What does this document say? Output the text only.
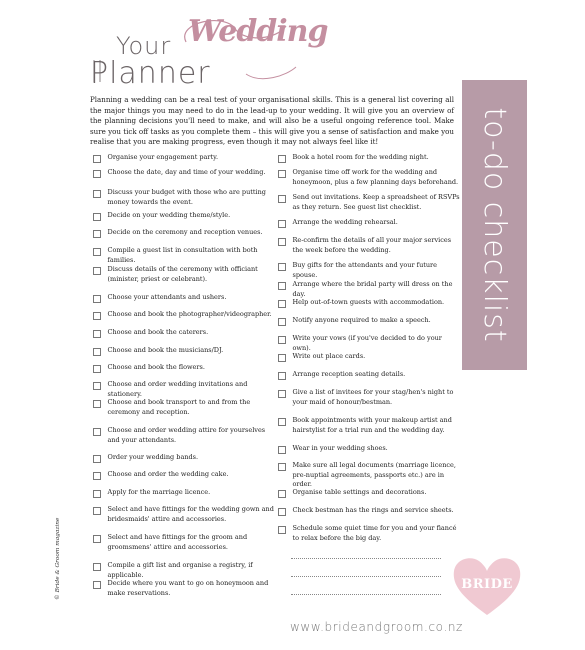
Your Wedding
Planner
Planning a wedding can be a real test of your organisational skills. This is a general list covering all the major things you may need to do in the lead-up to your wedding. It will give you an overview of the planning decisions you'll need to make, and will also be a useful ongoing reference tool. Make sure you tick off tasks as you complete them – this will give you a sense of satisfaction and make you realise that you are making progress, even though it may not always feel like it!
Organise your engagement party.
Choose the date, day and time of your wedding.
Discuss your budget with those who are putting money towards the event.
Decide on your wedding theme/style.
Decide on the ceremony and reception venues.
Compile a guest list in consultation with both families.
Discuss details of the ceremony with officiant (minister, priest or celebrant).
Choose your attendants and ushers.
Choose and book the photographer/videographer.
Choose and book the caterers.
Choose and book the musicians/DJ.
Choose and book the flowers.
Choose and order wedding invitations and stationery.
Choose and book transport to and from the ceremony and reception.
Choose and order wedding attire for yourselves and your attendants.
Order your wedding bands.
Choose and order the wedding cake.
Apply for the marriage licence.
Select and have fittings for the wedding gown and bridesmaids' attire and accessories.
Select and have fittings for the groom and groomsmens' attire and accessories.
Compile a gift list and organise a registry, if applicable.
Decide where you want to go on honeymoon and make reservations.
Book a hotel room for the wedding night.
Organise time off work for the wedding and honeymoon, plus a few planning days beforehand.
Send out invitations. Keep a spreadsheet of RSVPs as they return. See guest list checklist.
Arrange the wedding rehearsal.
Re-confirm the details of all your major services the week before the wedding.
Buy gifts for the attendants and your future spouse.
Arrange where the bridal party will dress on the day.
Help out-of-town guests with accommodation.
Notify anyone required to make a speech.
Write your vows (if you've decided to do your own).
Write out place cards.
Arrange reception seating details.
Give a list of invitees for your stag/hen's night to your maid of honour/bestman.
Book appointments with your makeup artist and hairstylist for a trial run and the wedding day.
Wear in your wedding shoes.
Make sure all legal documents (marriage licence, pre-nuptial agreements, passports etc.) are in order.
Organise table settings and decorations.
Check bestman has the rings and service sheets.
Schedule some quiet time for you and your fiancé to relax before the big day.
to-do checklist
BRIDE
www.brideandgroom.co.nz
© Bride & Groom magazine
